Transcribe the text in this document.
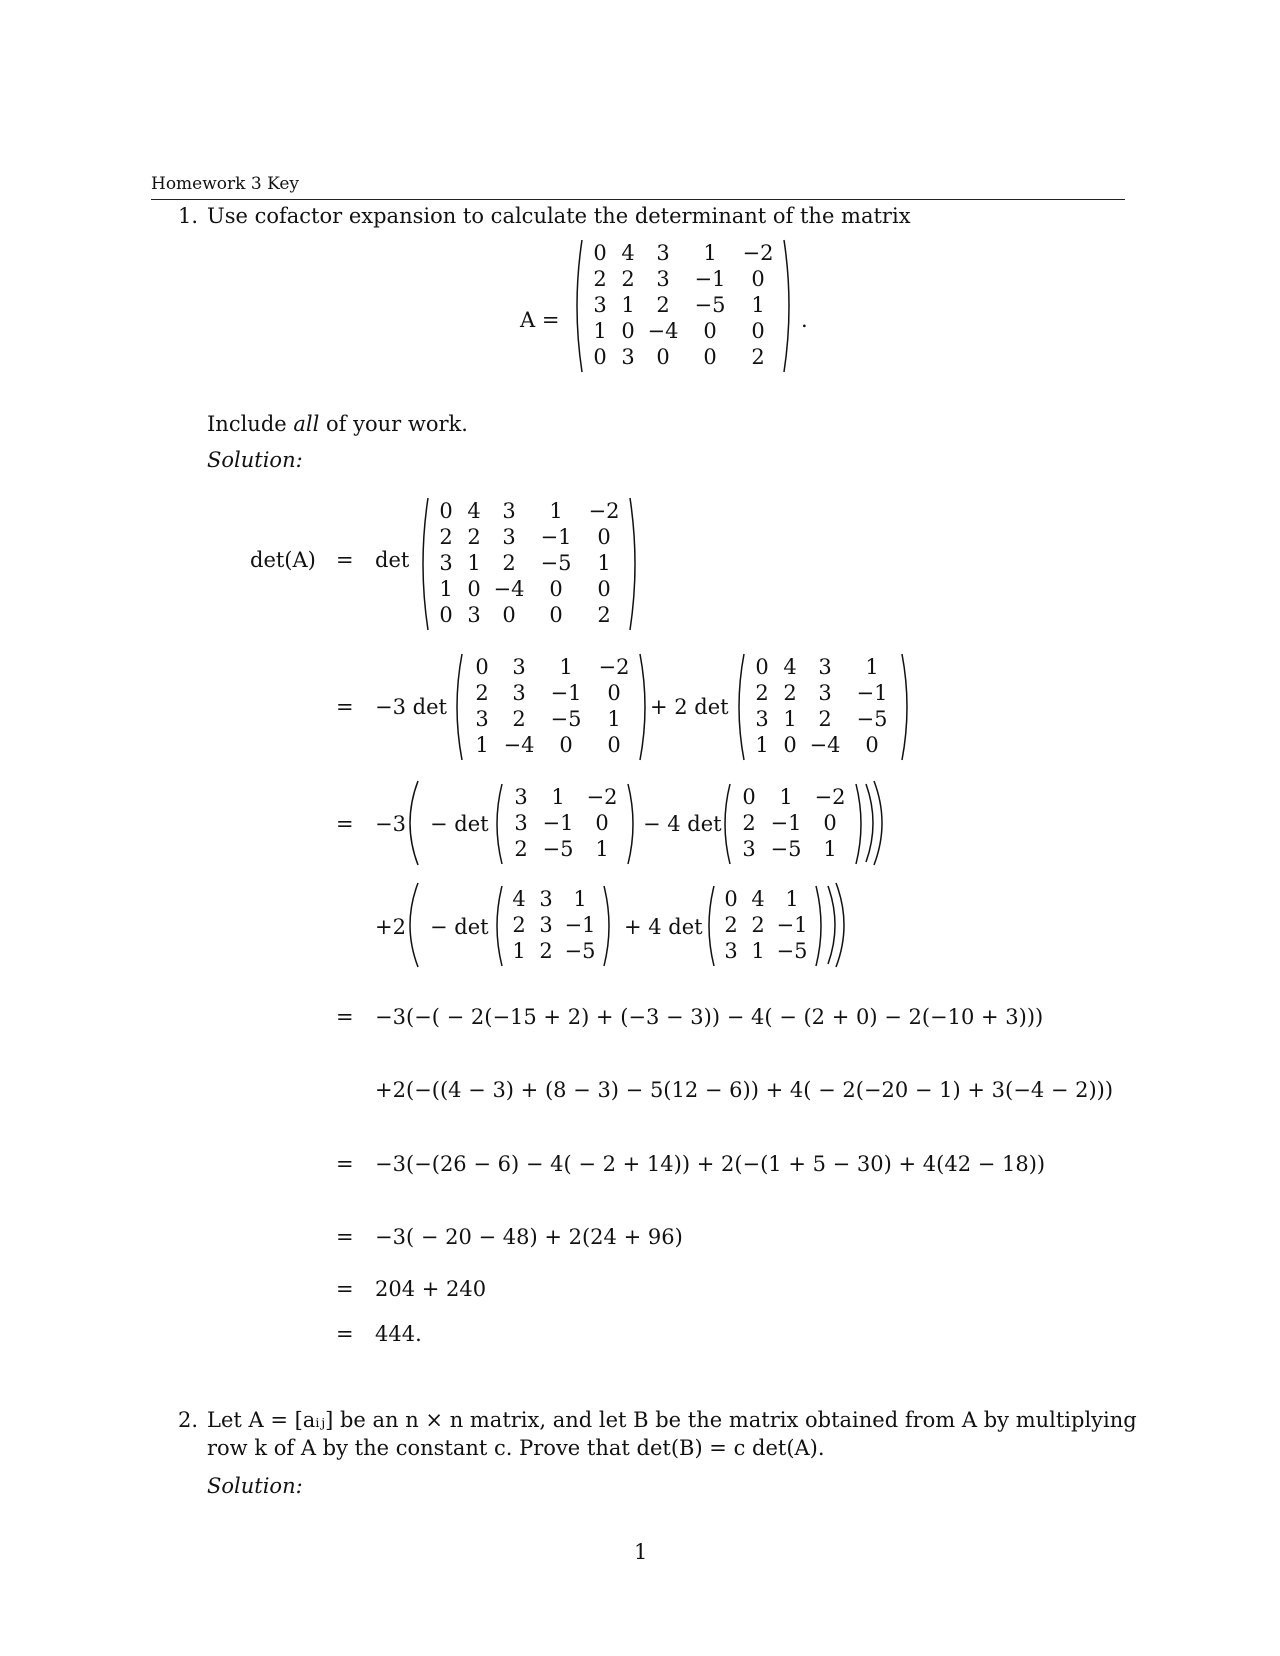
Homework 3 Key
1. Use cofactor expansion to calculate the determinant of the matrix
A =
0 4 3 1 −2
2 2 3 −1 0
3 1 2 −5 1
1 0 −4 0 0
0 3 0 0 2
.
Include all of your work.
Solution:
det(A) = det
0 4 3 1 −2
2 2 3 −1 0
3 1 2 −5 1
1 0 −4 0 0
0 3 0 0 2
= −3 det
0 3 1 −2
2 3 −1 0
3 2 −5 1
1 −4 0 0
+ 2 det
0 4 3 1
2 2 3 −1
3 1 2 −5
1 0 −4 0
= −3 − det
3 1 −2
3 −1 0
2 −5 1
− 4 det
0 1 −2
2 −1 0
3 −5 1
+2 − det
4 3 1
2 3 −1
1 2 −5
+ 4 det
0 4 1
2 2 −1
3 1 −5
= −3(−( − 2(−15 + 2) + (−3 − 3)) − 4( − (2 + 0) − 2(−10 + 3)))
+2(−((4 − 3) + (8 − 3) − 5(12 − 6)) + 4( − 2(−20 − 1) + 3(−4 − 2)))
= −3(−(26 − 6) − 4( − 2 + 14)) + 2(−(1 + 5 − 30) + 4(42 − 18))
= −3( − 20 − 48) + 2(24 + 96)
= 204 + 240
= 444.
2. Let A = [aᵢⱼ] be an n × n matrix, and let B be the matrix obtained from A by multiplying
row k of A by the constant c. Prove that det(B) = c det(A).
Solution:
1
